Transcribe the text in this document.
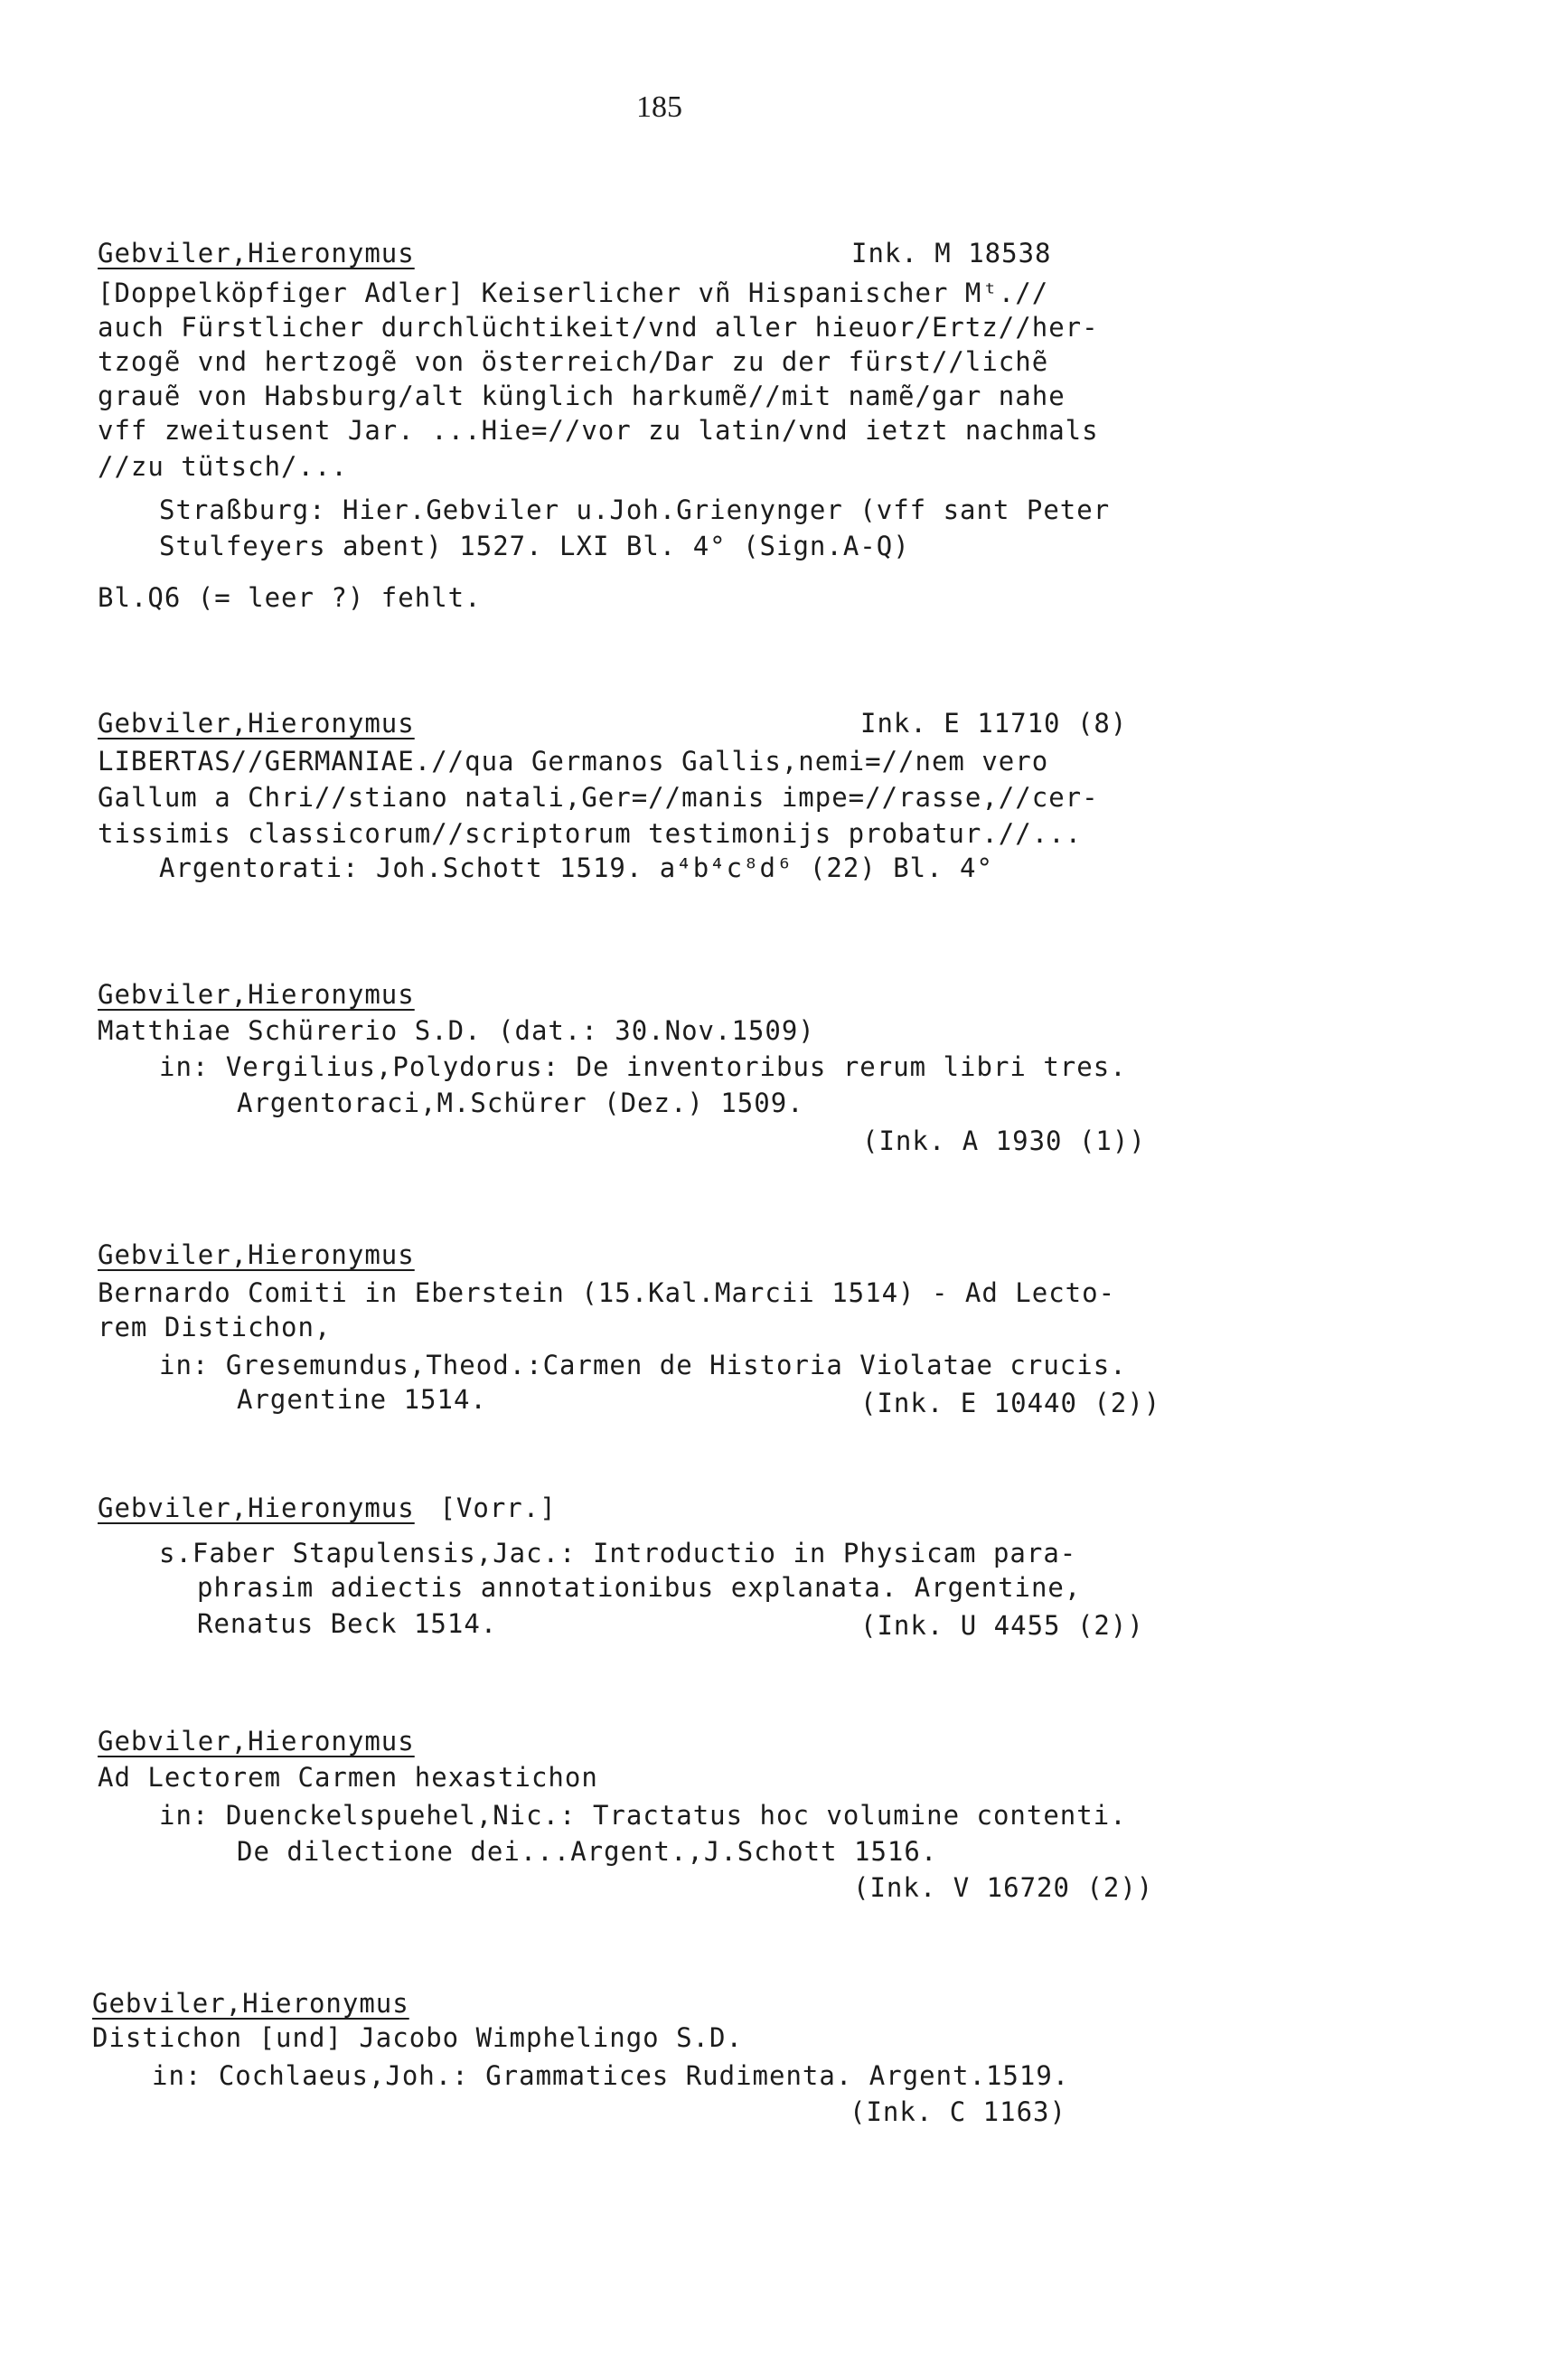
185
Gebviler,Hieronymus	Ink. M 18538
[Doppelköpfiger Adler] Keiserlicher vñ Hispanischer Mᵗ.//
auch Fürstlicher durchlüchtikeit/vnd aller hieuor/Ertz//her-
tzogẽ vnd hertzogẽ von österreich/Dar zu der fürst//lichẽ
grauẽ von Habsburg/alt künglich harkumẽ//mit namẽ/gar nahe
vff zweitusent Jar. ...Hie=//vor zu latin/vnd ietzt nachmals
//zu tütsch/...
Straßburg: Hier.Gebviler u.Joh.Grienynger (vff sant Peter
Stulfeyers abent) 1527. LXI Bl. 4° (Sign.A-Q)
Bl.Q6 (= leer ?) fehlt.
Gebviler,Hieronymus	Ink. E 11710 (8)
LIBERTAS//GERMANIAE.//qua Germanos Gallis,nemi=//nem vero
Gallum a Chri//stiano natali,Ger=//manis impe=//rasse,//cer-
tissimis classicorum//scriptorum testimonijs probatur.//...
Argentorati: Joh.Schott 1519. a⁴b⁴c⁸d⁶ (22) Bl. 4°
Gebviler,Hieronymus
Matthiae Schürerio S.D. (dat.: 30.Nov.1509)
in: Vergilius,Polydorus: De inventoribus rerum libri tres.
Argentoraci,M.Schürer (Dez.) 1509.
(Ink. A 1930 (1))
Gebviler,Hieronymus
Bernardo Comiti in Eberstein (15.Kal.Marcii 1514) - Ad Lecto-
rem Distichon,
in: Gresemundus,Theod.:Carmen de Historia Violatae crucis.
Argentine 1514.	(Ink. E 10440 (2))
Gebviler,Hieronymus [Vorr.]
s.Faber Stapulensis,Jac.: Introductio in Physicam para-
phrasim adiectis annotationibus explanata. Argentine,
Renatus Beck 1514.	(Ink. U 4455 (2))
Gebviler,Hieronymus
Ad Lectorem Carmen hexastichon
in: Duenckelspuehel,Nic.: Tractatus hoc volumine contenti.
De dilectione dei...Argent.,J.Schott 1516.
(Ink. V 16720 (2))
Gebviler,Hieronymus
Distichon [und] Jacobo Wimphelingo S.D.
in: Cochlaeus,Joh.: Grammatices Rudimenta. Argent.1519.
(Ink. C 1163)
